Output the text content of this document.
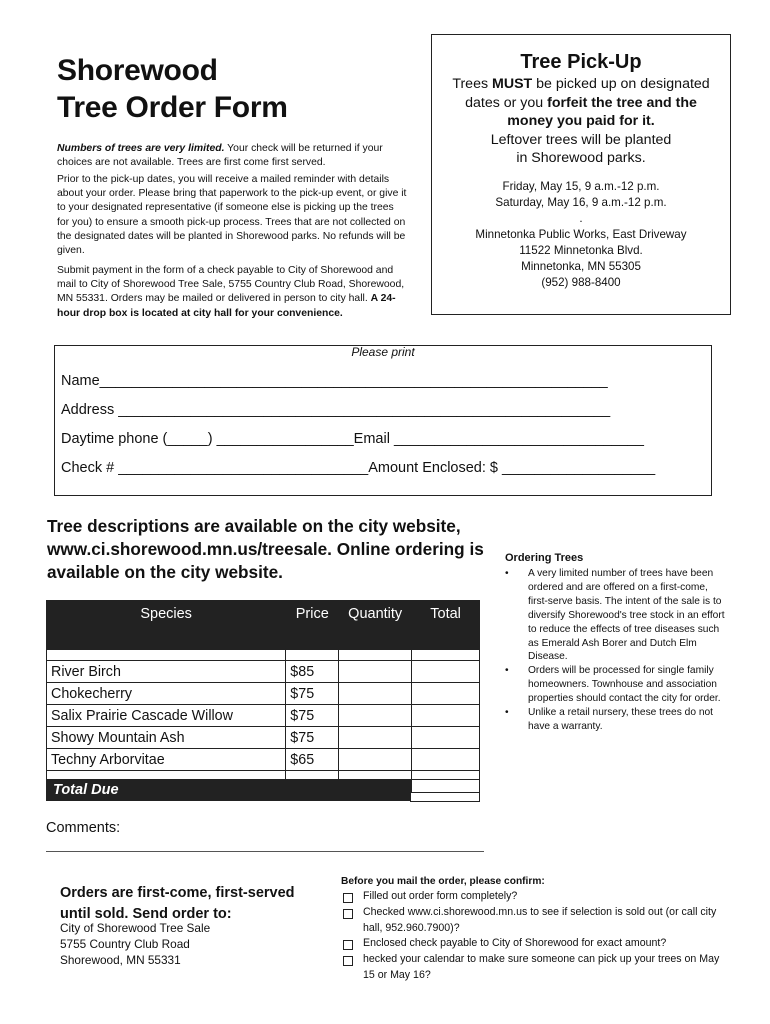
Shorewood
Tree Order Form

Numbers of trees are very limited. Your check will be returned if your choices are not available. Trees are first come first served.

Prior to the pick-up dates, you will receive a mailed reminder with details about your order. Please bring that paperwork to the pick-up event, or give it to your designated representative (if someone else is picking up the trees for you) to ensure a smooth pick-up process. Trees that are not collected on the designated dates will be planted in Shorewood parks. No refunds will be given.

Submit payment in the form of a check payable to City of Shorewood and mail to City of Shorewood Tree Sale, 5755 Country Club Road, Shorewood, MN 55331. Orders may be mailed or delivered in person to city hall. A 24-hour drop box is located at city hall for your convenience.

Tree Pick-Up
Trees MUST be picked up on designated
dates or you forfeit the tree and the
money you paid for it.
Leftover trees will be planted
in Shorewood parks.
Friday, May 15, 9 a.m.-12 p.m.
Saturday, May 16, 9 a.m.-12 p.m.
.
Minnetonka Public Works, East Driveway
11522 Minnetonka Blvd.
Minnetonka, MN 55305
(952) 988-8400
Please print
Name_______________________________________________________________
Address _____________________________________________________________
Daytime phone (_____) _________________Email _______________________________
Check # _______________________________Amount Enclosed: $ ___________________
Tree descriptions are available on the city website, www.ci.shorewood.mn.us/treesale. Online ordering is available on the city website.
Species	Price	Quantity	Total

River Birch	$85		
Chokecherry	$75		
Salix Prairie Cascade Willow	$75		
Showy Mountain Ash	$75		
Techny Arborvitae	$65		

Total Due
Comments:
Ordering Trees
• A very limited number of trees have been ordered and are offered on a first-come, first-serve basis. The intent of the sale is to diversify Shorewood's tree stock in an effort to reduce the effects of tree diseases such as Emerald Ash Borer and Dutch Elm Disease.
• Orders will be processed for single family homeowners. Townhouse and association properties should contact the city for order.
• Unlike a retail nursery, these trees do not have a warranty.
Orders are first-come, first-served
until sold. Send order to:
City of Shorewood Tree Sale
5755 Country Club Road
Shorewood, MN 55331
Before you mail the order, please confirm:
Filled out order form completely?
Checked www.ci.shorewood.mn.us to see if selection is sold out (or call city hall, 952.960.7900)?
Enclosed check payable to City of Shorewood for exact amount?
hecked your calendar to make sure someone can pick up your trees on May 15 or May 16?
